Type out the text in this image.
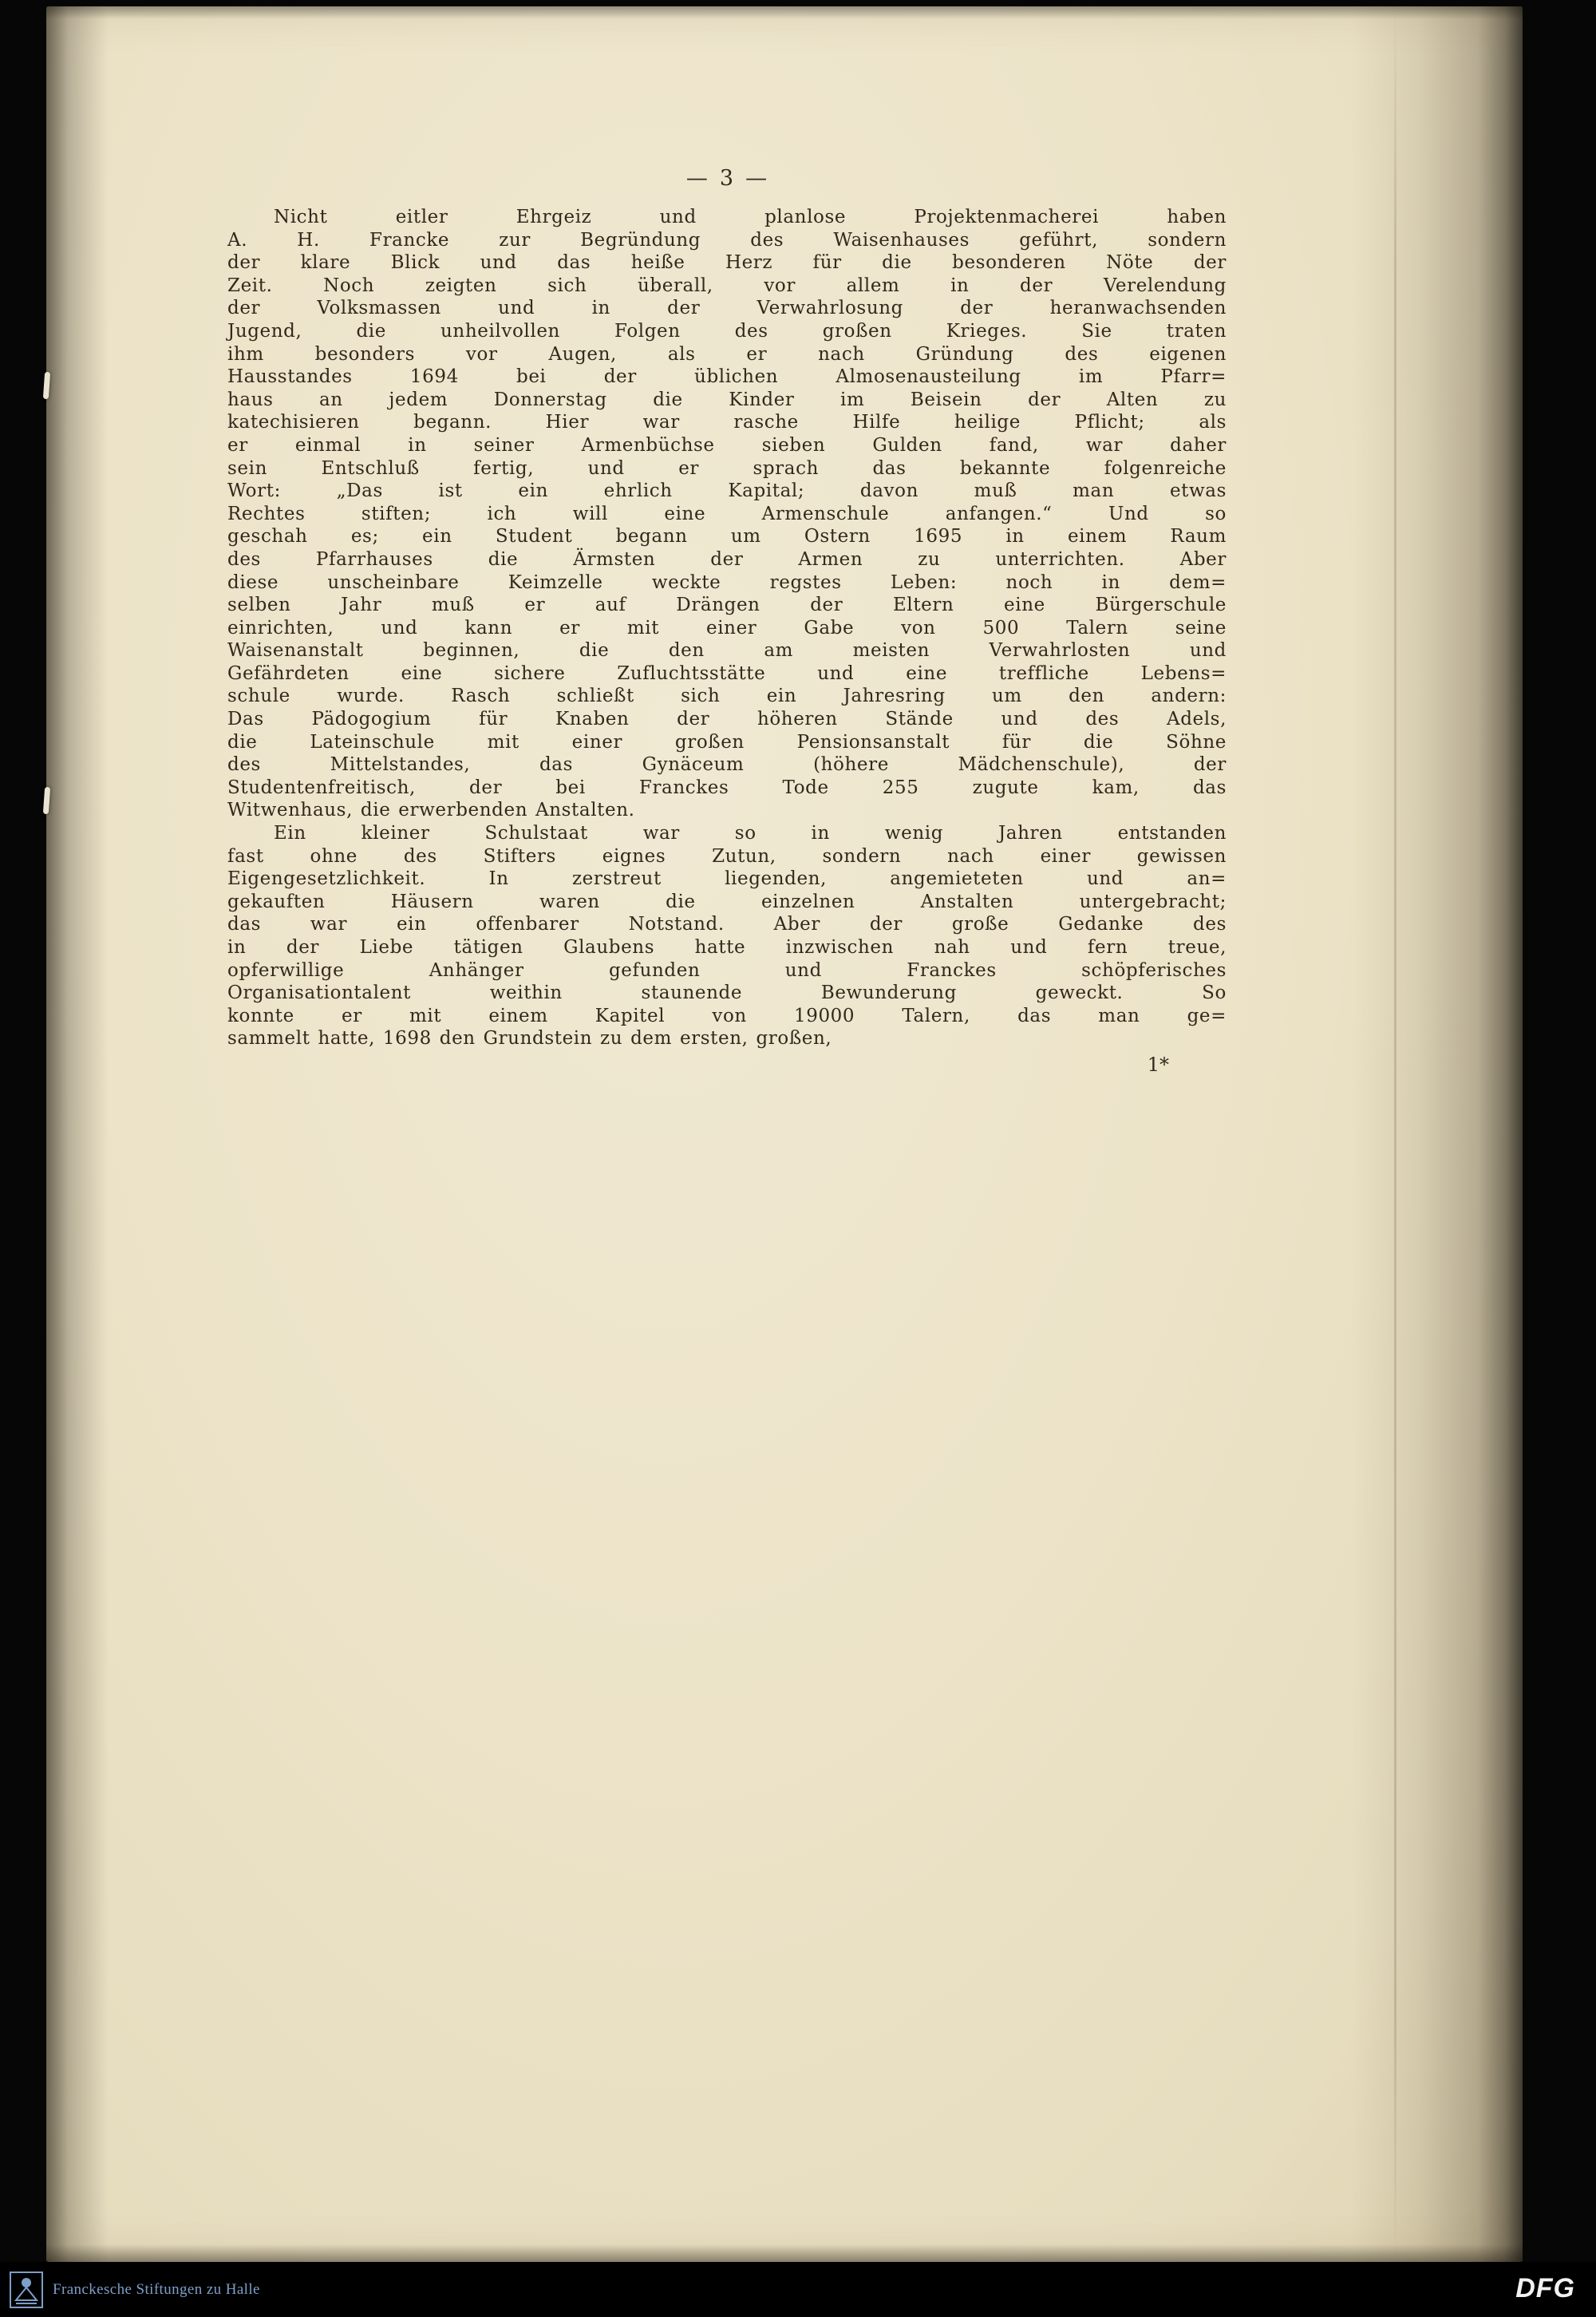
— 3 —
Nicht eitler Ehrgeiz und planlose Projektenmacherei haben
A. H. Francke zur Begründung des Waisenhauses geführt, sondern
der klare Blick und das heiße Herz für die besonderen Nöte der
Zeit. Noch zeigten sich überall, vor allem in der Verelendung
der Volksmassen und in der Verwahrlosung der heranwachsenden
Jugend, die unheilvollen Folgen des großen Krieges. Sie traten
ihm besonders vor Augen, als er nach Gründung des eigenen
Hausstandes 1694 bei der üblichen Almosenausteilung im Pfarr=
haus an jedem Donnerstag die Kinder im Beisein der Alten zu
katechisieren begann. Hier war rasche Hilfe heilige Pflicht; als
er einmal in seiner Armenbüchse sieben Gulden fand, war daher
sein Entschluß fertig, und er sprach das bekannte folgenreiche
Wort: „Das ist ein ehrlich Kapital; davon muß man etwas
Rechtes stiften; ich will eine Armenschule anfangen.“ Und so
geschah es; ein Student begann um Ostern 1695 in einem Raum
des Pfarrhauses die Ärmsten der Armen zu unterrichten. Aber
diese unscheinbare Keimzelle weckte regstes Leben: noch in dem=
selben Jahr muß er auf Drängen der Eltern eine Bürgerschule
einrichten, und kann er mit einer Gabe von 500 Talern seine
Waisenanstalt beginnen, die den am meisten Verwahrlosten und
Gefährdeten eine sichere Zufluchtsstätte und eine treffliche Lebens=
schule wurde. Rasch schließt sich ein Jahresring um den andern:
Das Pädogogium für Knaben der höheren Stände und des Adels,
die Lateinschule mit einer großen Pensionsanstalt für die Söhne
des Mittelstandes, das Gynäceum (höhere Mädchenschule), der
Studentenfreitisch, der bei Franckes Tode 255 zugute kam, das
Witwenhaus, die erwerbenden Anstalten.
Ein kleiner Schulstaat war so in wenig Jahren entstanden
fast ohne des Stifters eignes Zutun, sondern nach einer gewissen
Eigengesetzlichkeit. In zerstreut liegenden, angemieteten und an=
gekauften Häusern waren die einzelnen Anstalten untergebracht;
das war ein offenbarer Notstand. Aber der große Gedanke des
in der Liebe tätigen Glaubens hatte inzwischen nah und fern treue,
opferwillige Anhänger gefunden und Franckes schöpferisches
Organisationtalent weithin staunende Bewunderung geweckt. So
konnte er mit einem Kapitel von 19000 Talern, das man ge=
sammelt hatte, 1698 den Grundstein zu dem ersten, großen,
1*
Franckesche Stiftungen zu Halle	DFG
